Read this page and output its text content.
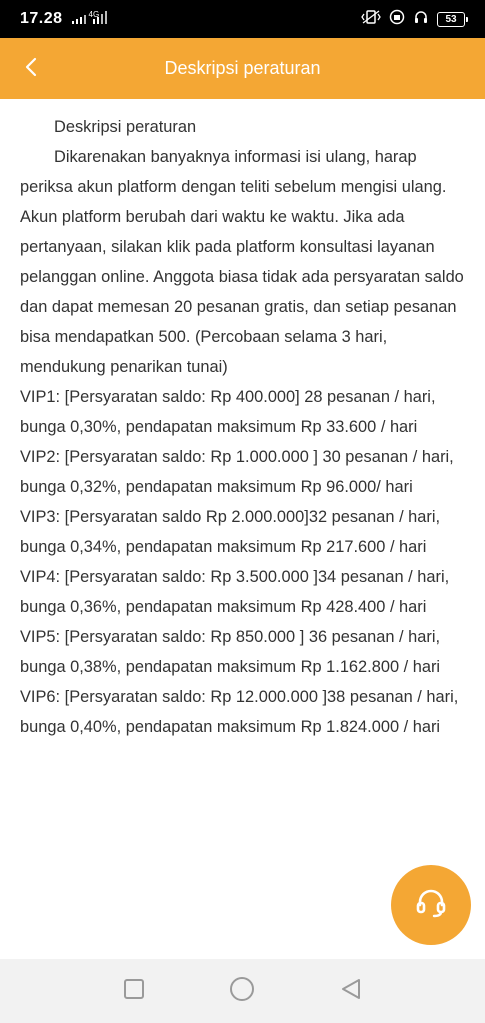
17.28	4G	53
Deskripsi peraturan

Deskripsi peraturan

Dikarenakan banyaknya informasi isi ulang, harap periksa akun platform dengan teliti sebelum mengisi ulang. Akun platform berubah dari waktu ke waktu. Jika ada pertanyaan, silakan klik pada platform konsultasi layanan pelanggan online. Anggota biasa tidak ada persyaratan saldo dan dapat memesan 20 pesanan gratis, dan setiap pesanan bisa mendapatkan 500. (Percobaan selama 3 hari, mendukung penarikan tunai)

VIP1: [Persyaratan saldo: Rp 400.000] 28 pesanan / hari, bunga 0,30%, pendapatan maksimum Rp 33.600 / hari

VIP2: [Persyaratan saldo: Rp 1.000.000 ] 30 pesanan / hari, bunga 0,32%, pendapatan maksimum Rp 96.000/ hari

VIP3: [Persyaratan saldo Rp 2.000.000]32 pesanan / hari, bunga 0,34%, pendapatan maksimum Rp 217.600 / hari

VIP4: [Persyaratan saldo: Rp 3.500.000 ]34 pesanan / hari, bunga 0,36%, pendapatan maksimum Rp 428.400 / hari

VIP5: [Persyaratan saldo: Rp 850.000 ] 36 pesanan / hari, bunga 0,38%, pendapatan maksimum Rp 1.162.800 / hari

VIP6: [Persyaratan saldo: Rp 12.000.000 ]38 pesanan / hari, bunga 0,40%, pendapatan maksimum Rp 1.824.000 / hari
